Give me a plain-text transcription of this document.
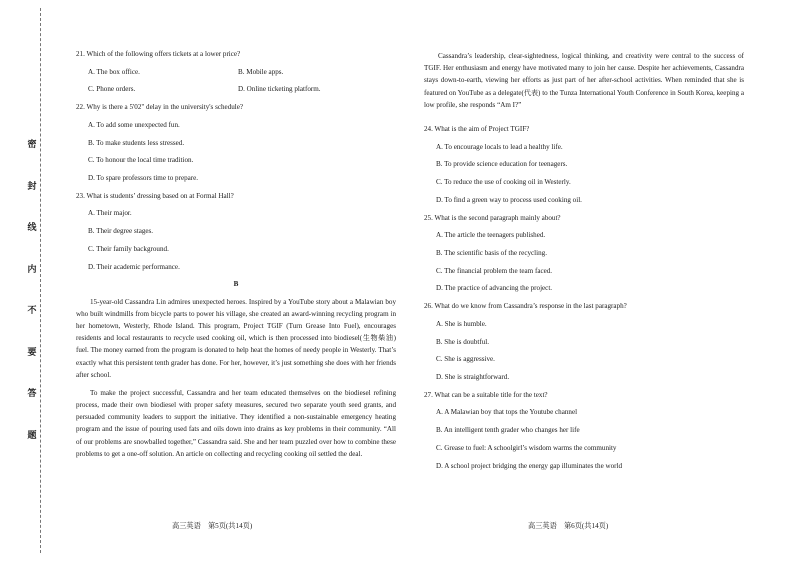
密
封
线
内
不
要
答
题
21. Which of the following offers tickets at a lower price?
A. The box office.	B. Mobile apps.
C. Phone orders.	D. Online ticketing platform.
22. Why is there a 5'02" delay in the university's schedule?
A. To add some unexpected fun.
B. To make students less stressed.
C. To honour the local time tradition.
D. To spare professors time to prepare.
23. What is students’ dressing based on at Formal Hall?
A. Their major.
B. Their degree stages.
C. Their family background.
D. Their academic performance.
B

15-year-old Cassandra Lin admires unexpected heroes. Inspired by a YouTube story about a Malawian boy who built windmills from bicycle parts to power his village, she created an award-winning recycling program in her hometown, Westerly, Rhode Island. This program, Project TGIF (Turn Grease Into Fuel), encourages residents and local restaurants to recycle used cooking oil, which is then processed into biodiesel(生物柴油) fuel. The money earned from the program is donated to help heat the homes of needy people in Westerly. That’s exactly what this persistent tenth grader has done. For her, however, it’s just something she does with her friends after school.

To make the project successful, Cassandra and her team educated themselves on the biodiesel refining process, made their own biodiesel with proper safety measures, secured two separate youth seed grants, and persuaded community leaders to support the initiative. They identified a non-sustainable emergency heating program and the issue of pouring used fats and oils down into drains as key problems in their community. “All of our problems are snowballed together,” Cassandra said. She and her team puzzled over how to combine these problems to get a one-off solution. An article on collecting and recycling cooking oil settled the deal.

Cassandra’s leadership, clear-sightedness, logical thinking, and creativity were central to the success of TGIF. Her enthusiasm and energy have motivated many to join her cause. Despite her achievements, Cassandra stays down-to-earth, viewing her efforts as just part of her after-school activities. When reminded that she is featured on YouTube as a delegate(代表) to the Tunza International Youth Conference in South Korea, keeping a low profile, she responds “Am I?”

24. What is the aim of Project TGIF?
A. To encourage locals to lead a healthy life.
B. To provide science education for teenagers.
C. To reduce the use of cooking oil in Westerly.
D. To find a green way to process used cooking oil.
25. What is the second paragraph mainly about?
A. The article the teenagers published.
B. The scientific basis of the recycling.
C. The financial problem the team faced.
D. The practice of advancing the project.
26. What do we know from Cassandra’s response in the last paragraph?
A. She is humble.
B. She is doubtful.
C. She is aggressive.
D. She is straightforward.
27. What can be a suitable title for the text?
A. A Malawian boy that tops the Youtube channel
B. An intelligent tenth grader who changes her life
C. Grease to fuel: A schoolgirl’s wisdom warms the community
D. A school project bridging the energy gap illuminates the world
高三英语　第5页(共14页)	高三英语　第6页(共14页)
